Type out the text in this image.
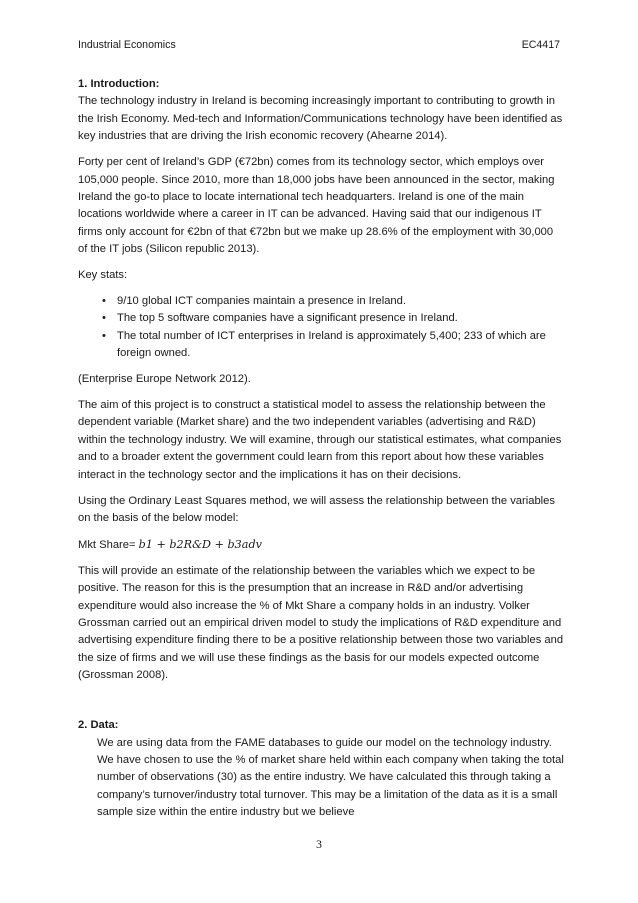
Industrial Economics	EC4417
1. Introduction:

The technology industry in Ireland is becoming increasingly important to contributing to growth in the Irish Economy. Med-tech and Information/Communications technology have been identified as key industries that are driving the Irish economic recovery (Ahearne 2014).

Forty per cent of Ireland’s GDP (€72bn) comes from its technology sector, which employs over 105,000 people. Since 2010, more than 18,000 jobs have been announced in the sector, making Ireland the go-to place to locate international tech headquarters. Ireland is one of the main locations worldwide where a career in IT can be advanced. Having said that our indigenous IT firms only account for €2bn of that €72bn but we make up 28.6% of the employment with 30,000 of the IT jobs (Silicon republic 2013).

Key stats:

• 9/10 global ICT companies maintain a presence in Ireland.
• The top 5 software companies have a significant presence in Ireland.
• The total number of ICT enterprises in Ireland is approximately 5,400; 233 of which are foreign owned.

(Enterprise Europe Network 2012).

The aim of this project is to construct a statistical model to assess the relationship between the dependent variable (Market share) and the two independent variables (advertising and R&D) within the technology industry. We will examine, through our statistical estimates, what companies and to a broader extent the government could learn from this report about how these variables interact in the technology sector and the implications it has on their decisions.

Using the Ordinary Least Squares method, we will assess the relationship between the variables on the basis of the below model:

Mkt Share= b1 + b2R&D + b3adv

This will provide an estimate of the relationship between the variables which we expect to be positive. The reason for this is the presumption that an increase in R&D and/or advertising expenditure would also increase the % of Mkt Share a company holds in an industry. Volker Grossman carried out an empirical driven model to study the implications of R&D expenditure and advertising expenditure finding there to be a positive relationship between those two variables and the size of firms and we will use these findings as the basis for our models expected outcome (Grossman 2008).

2. Data:

We are using data from the FAME databases to guide our model on the technology industry. We have chosen to use the % of market share held within each company when taking the total number of observations (30) as the entire industry. We have calculated this through taking a company’s turnover/industry total turnover. This may be a limitation of the data as it is a small sample size within the entire industry but we believe

3
